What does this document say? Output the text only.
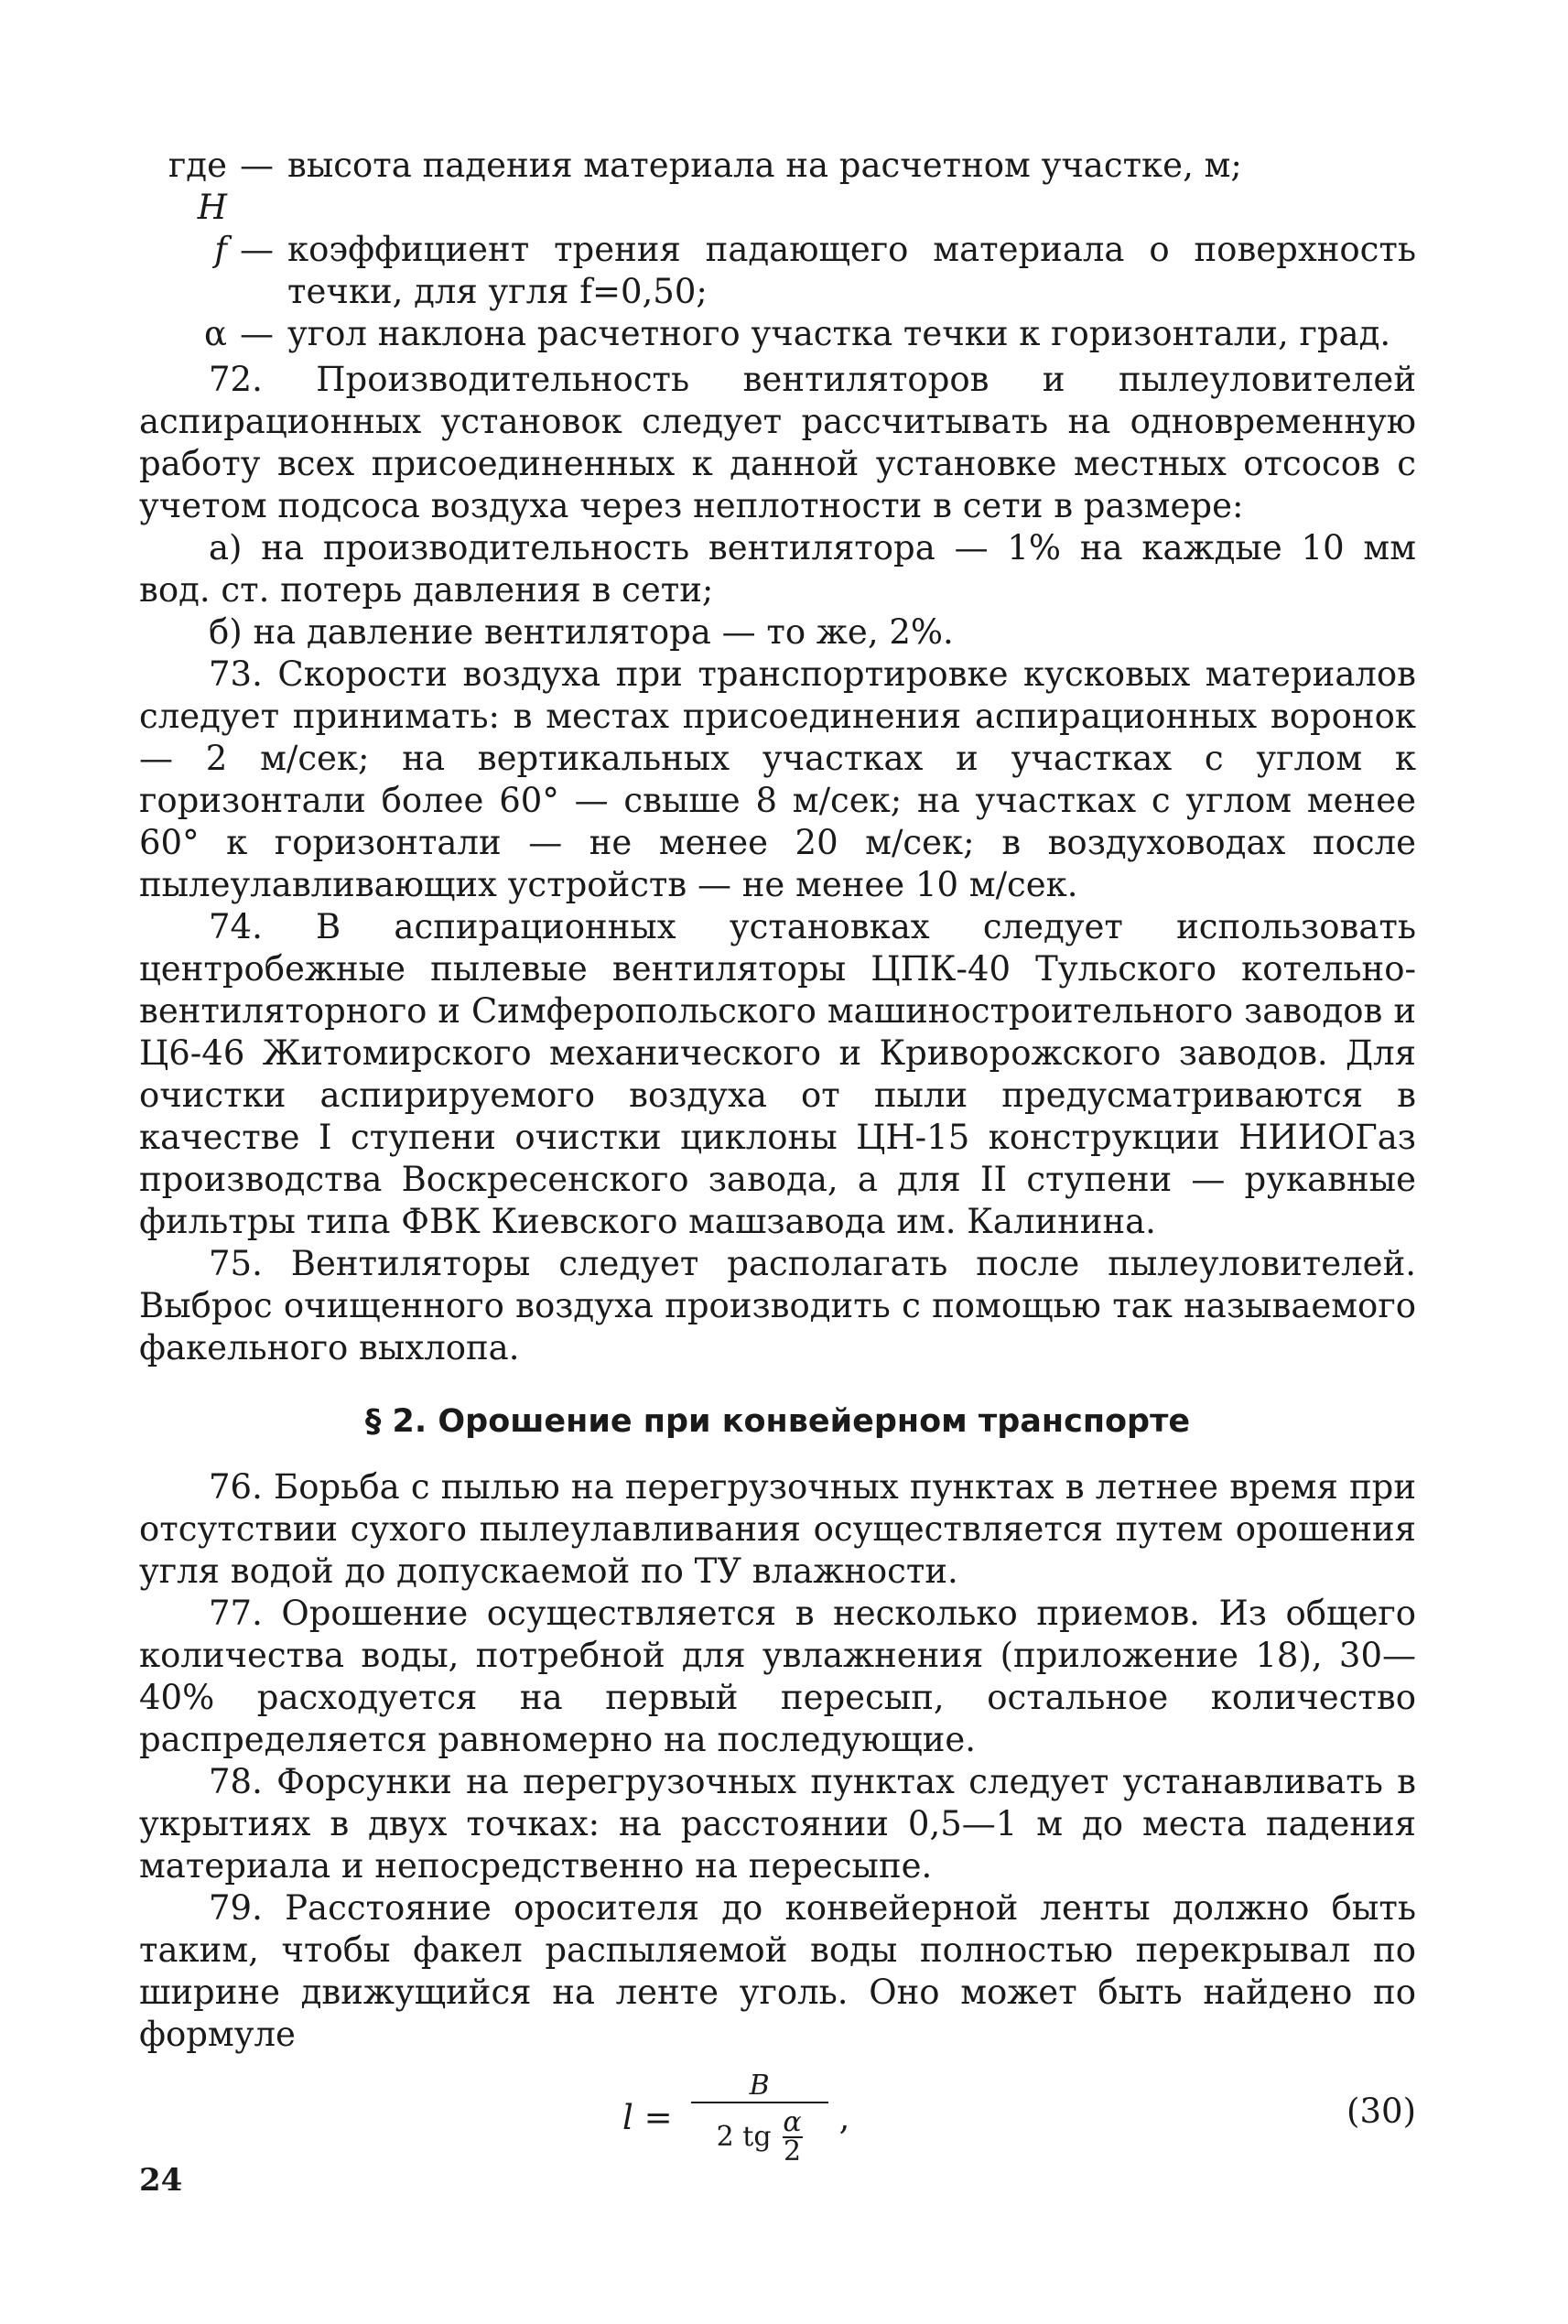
где H
— высота падения материала на расчетном участке, м;
f — коэффициент трения падающего материала о поверхность течки, для угля f=0,50;
α — угол наклона расчетного участка течки к горизонтали, град.

72. Производительность вентиляторов и пылеуловителей аспирационных установок следует рассчитывать на одновременную работу всех присоединенных к данной установке местных отсосов с учетом подсоса воздуха через неплотности в сети в размере:

а) на производительность вентилятора — 1% на каждые 10 мм вод. ст. потерь давления в сети;

б) на давление вентилятора — то же, 2%.

73. Скорости воздуха при транспортировке кусковых материалов следует принимать: в местах присоединения аспирационных воронок — 2 м/сек; на вертикальных участках и участках с углом к горизонтали более 60° — свыше 8 м/сек; на участках с углом менее 60° к горизонтали — не менее 20 м/сек; в воздуховодах после пылеулавливающих устройств — не менее 10 м/сек.

74. В аспирационных установках следует использовать центробежные пылевые вентиляторы ЦПК-40 Тульского котельно-вентиляторного и Симферопольского машиностроительного заводов и Ц6-46 Житомирского механического и Криворожского заводов. Для очистки аспирируемого воздуха от пыли предусматриваются в качестве I ступени очистки циклоны ЦН-15 конструкции НИИОГаз производства Воскресенского завода, а для II ступени — рукавные фильтры типа ФВК Киевского машзавода им. Калинина.

75. Вентиляторы следует располагать после пылеуловителей. Выброс очищенного воздуха производить с помощью так называемого факельного выхлопа.

§ 2. Орошение при конвейерном транспорте

76. Борьба с пылью на перегрузочных пунктах в летнее время при отсутствии сухого пылеулавливания осуществляется путем орошения угля водой до допускаемой по ТУ влажности.

77. Орошение осуществляется в несколько приемов. Из общего количества воды, потребной для увлажнения (приложение 18), 30—40% расходуется на первый пересып, остальное количество распределяется равномерно на последующие.

78. Форсунки на перегрузочных пунктах следует устанавливать в укрытиях в двух точках: на расстоянии 0,5—1 м до места падения материала и непосредственно на пересыпе.

79. Расстояние оросителя до конвейерной ленты должно быть таким, чтобы факел распыляемой воды полностью перекрывал по ширине движущийся на ленте уголь. Оно может быть найдено по формуле

$l = \frac{B}{2 tg \frac{\alpha}{2}}$ ,	(30)
24
